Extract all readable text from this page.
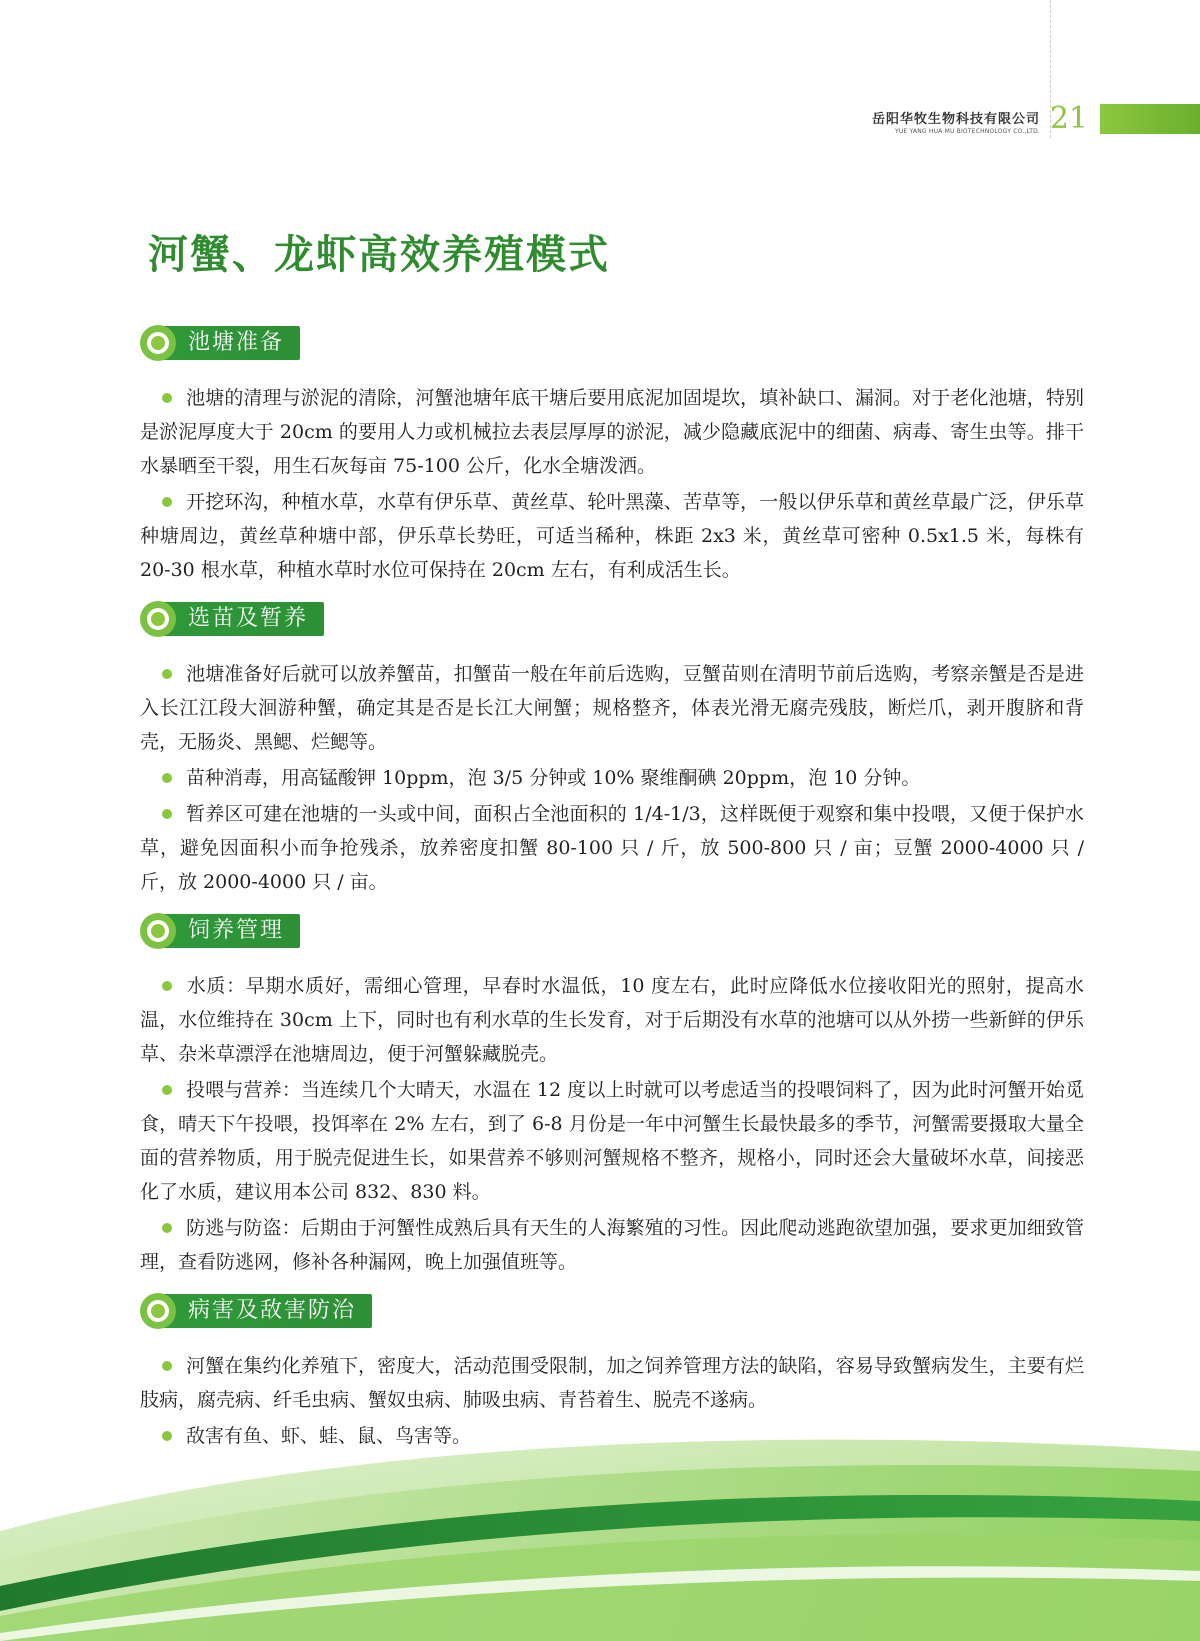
岳阳华牧生物科技有限公司
YUE YANG HUA MU BIOTECHNOLOGY CO.,LTD. 21
河蟹、龙虾高效养殖模式
池塘准备

池塘的清理与淤泥的清除，河蟹池塘年底干塘后要用底泥加固堤坎，填补缺口、漏洞。对于老化池塘，特别是淤泥厚度大于 20cm 的要用人力或机械拉去表层厚厚的淤泥，减少隐藏底泥中的细菌、病毒、寄生虫等。排干水暴晒至干裂，用生石灰每亩 75-100 公斤，化水全塘泼洒。

开挖环沟，种植水草，水草有伊乐草、黄丝草、轮叶黑藻、苦草等，一般以伊乐草和黄丝草最广泛，伊乐草种塘周边，黄丝草种塘中部，伊乐草长势旺，可适当稀种，株距 2x3 米，黄丝草可密种 0.5x1.5 米，每株有 20-30 根水草，种植水草时水位可保持在 20cm 左右，有利成活生长。

选苗及暂养

池塘准备好后就可以放养蟹苗，扣蟹苗一般在年前后选购，豆蟹苗则在清明节前后选购，考察亲蟹是否是进入长江江段大洄游种蟹，确定其是否是长江大闸蟹；规格整齐，体表光滑无腐壳残肢，断烂爪，剥开腹脐和背壳，无肠炎、黑鳃、烂鳃等。

苗种消毒，用高锰酸钾 10ppm，泡 3/5 分钟或 10% 聚维酮碘 20ppm，泡 10 分钟。

暂养区可建在池塘的一头或中间，面积占全池面积的 1/4-1/3，这样既便于观察和集中投喂，又便于保护水草，避免因面积小而争抢残杀，放养密度扣蟹 80-100 只 / 斤，放 500-800 只 / 亩；豆蟹 2000-4000 只 / 斤，放 2000-4000 只 / 亩。

饲养管理

水质：早期水质好，需细心管理，早春时水温低，10 度左右，此时应降低水位接收阳光的照射，提高水温，水位维持在 30cm 上下，同时也有利水草的生长发育，对于后期没有水草的池塘可以从外捞一些新鲜的伊乐草、杂米草漂浮在池塘周边，便于河蟹躲藏脱壳。

投喂与营养：当连续几个大晴天，水温在 12 度以上时就可以考虑适当的投喂饲料了，因为此时河蟹开始觅食，晴天下午投喂，投饵率在 2% 左右，到了 6-8 月份是一年中河蟹生长最快最多的季节，河蟹需要摄取大量全面的营养物质，用于脱壳促进生长，如果营养不够则河蟹规格不整齐，规格小，同时还会大量破坏水草，间接恶化了水质，建议用本公司 832、830 料。

防逃与防盗：后期由于河蟹性成熟后具有天生的人海繁殖的习性。因此爬动逃跑欲望加强，要求更加细致管理，查看防逃网，修补各种漏网，晚上加强值班等。

病害及敌害防治

河蟹在集约化养殖下，密度大，活动范围受限制，加之饲养管理方法的缺陷，容易导致蟹病发生，主要有烂肢病，腐壳病、纤毛虫病、蟹奴虫病、肺吸虫病、青苔着生、脱壳不遂病。

敌害有鱼、虾、蛙、鼠、鸟害等。
